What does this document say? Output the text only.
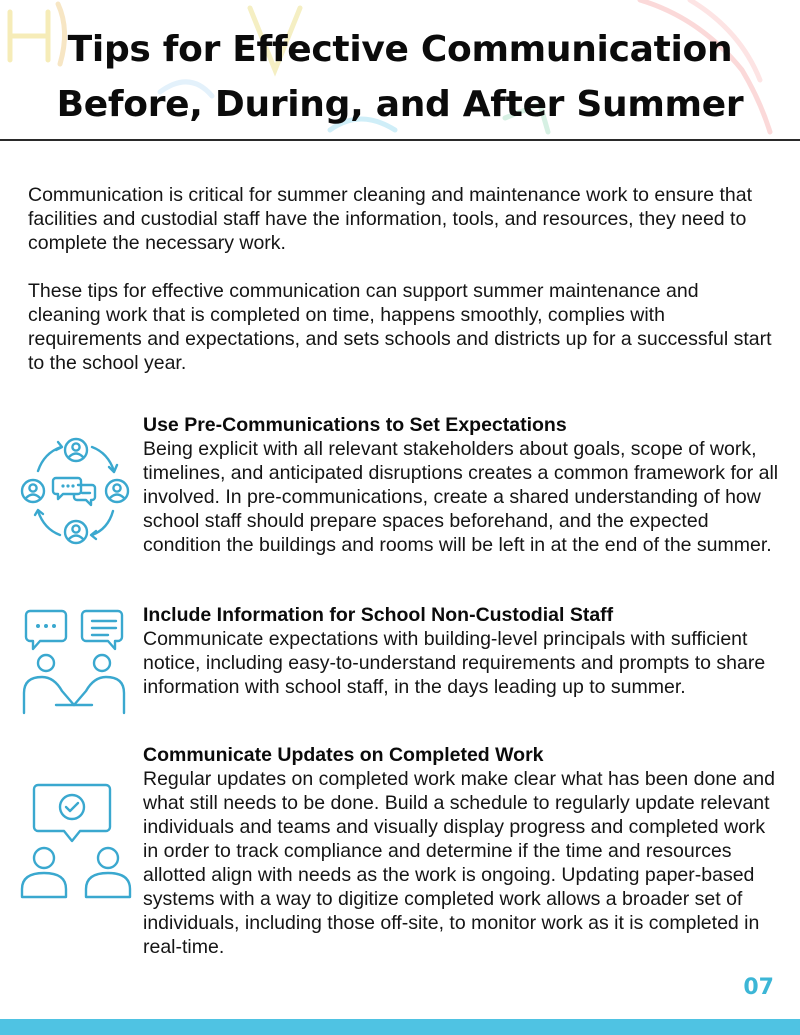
Tips for Effective Communication
Before, During, and After Summer

Communication is critical for summer cleaning and maintenance work to ensure that facilities and custodial staff have the information, tools, and resources, they need to complete the necessary work.

These tips for effective communication can support summer maintenance and cleaning work that is completed on time, happens smoothly, complies with requirements and expectations, and sets schools and districts up for a successful start to the school year.

Use Pre-Communications to Set Expectations

Being explicit with all relevant stakeholders about goals, scope of work, timelines, and anticipated disruptions creates a common framework for all involved. In pre-communications, create a shared understanding of how school staff should prepare spaces beforehand, and the expected condition the buildings and rooms will be left in at the end of the summer.

Include Information for School Non-Custodial Staff

Communicate expectations with building-level principals with sufficient notice, including easy-to-understand requirements and prompts to share information with school staff, in the days leading up to summer.

Communicate Updates on Completed Work

Regular updates on completed work make clear what has been done and what still needs to be done. Build a schedule to regularly update relevant individuals and teams and visually display progress and completed work in order to track compliance and determine if the time and resources allotted align with needs as the work is ongoing. Updating paper-based systems with a way to digitize completed work allows a broader set of individuals, including those off-site, to monitor work as it is completed in real-time.

07
